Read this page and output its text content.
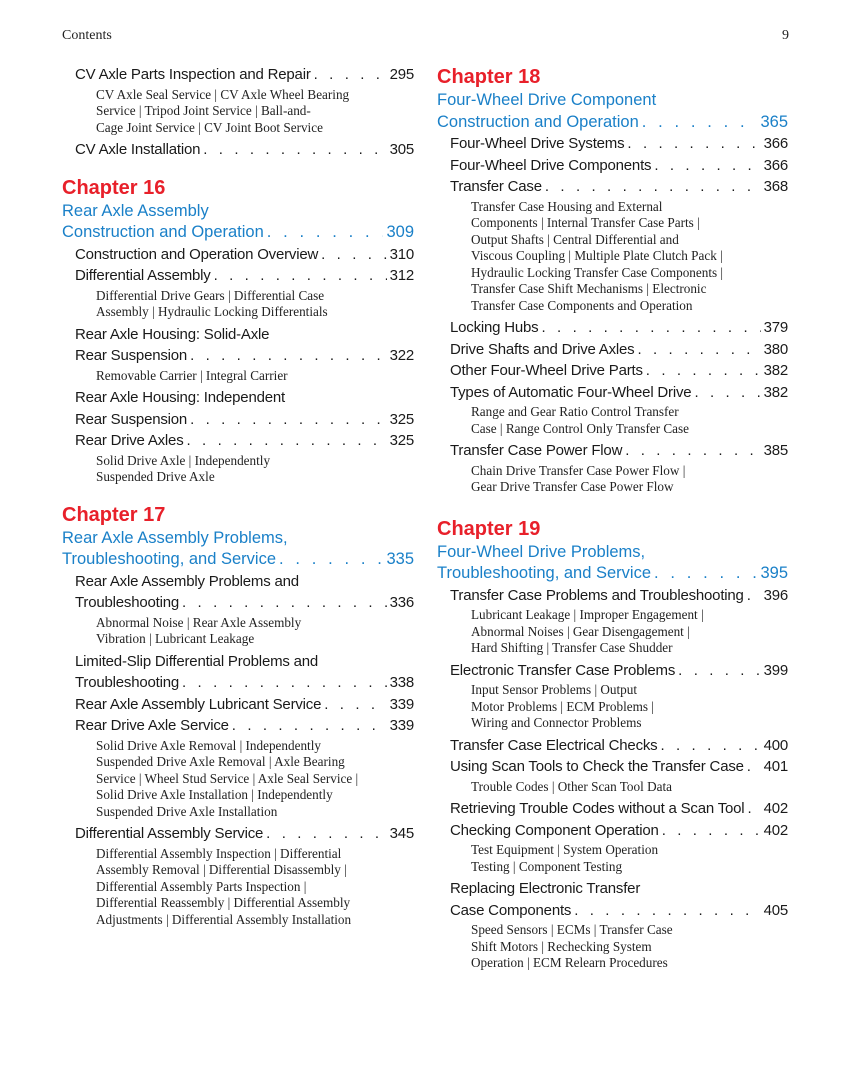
Contents	9
CV Axle Parts Inspection and Repair . . .	295
CV Axle Seal Service | CV Axle Wheel Bearing
Service | Tripod Joint Service | Ball-and-
Cage Joint Service | CV Joint Boot Service
CV Axle Installation . . .	305
Chapter 16
Rear Axle Assembly
Construction and Operation . . .	309
Construction and Operation Overview . . .	310
Differential Assembly . . .	312
Differential Drive Gears | Differential Case
Assembly | Hydraulic Locking Differentials
Rear Axle Housing: Solid-Axle
Rear Suspension . . .	322
Removable Carrier | Integral Carrier
Rear Axle Housing: Independent
Rear Suspension . . .	325
Rear Drive Axles . . .	325
Solid Drive Axle | Independently
Suspended Drive Axle
Chapter 17
Rear Axle Assembly Problems,
Troubleshooting, and Service . . .	335
Rear Axle Assembly Problems and
Troubleshooting . . .	336
Abnormal Noise | Rear Axle Assembly
Vibration | Lubricant Leakage
Limited-Slip Differential Problems and
Troubleshooting . . .	338
Rear Axle Assembly Lubricant Service . . .	339
Rear Drive Axle Service . . .	339
Solid Drive Axle Removal | Independently
Suspended Drive Axle Removal | Axle Bearing
Service | Wheel Stud Service | Axle Seal Service |
Solid Drive Axle Installation | Independently
Suspended Drive Axle Installation
Differential Assembly Service . . .	345
Differential Assembly Inspection | Differential
Assembly Removal | Differential Disassembly |
Differential Assembly Parts Inspection |
Differential Reassembly | Differential Assembly
Adjustments | Differential Assembly Installation
Chapter 18
Four-Wheel Drive Component
Construction and Operation . . .	365
Four-Wheel Drive Systems . . .	366
Four-Wheel Drive Components . . .	366
Transfer Case . . .	368
Transfer Case Housing and External
Components | Internal Transfer Case Parts |
Output Shafts | Central Differential and
Viscous Coupling | Multiple Plate Clutch Pack |
Hydraulic Locking Transfer Case Components |
Transfer Case Shift Mechanisms | Electronic
Transfer Case Components and Operation
Locking Hubs . . .	379
Drive Shafts and Drive Axles . . .	380
Other Four-Wheel Drive Parts . . .	382
Types of Automatic Four-Wheel Drive . . .	382
Range and Gear Ratio Control Transfer
Case | Range Control Only Transfer Case
Transfer Case Power Flow . . .	385
Chain Drive Transfer Case Power Flow |
Gear Drive Transfer Case Power Flow
Chapter 19
Four-Wheel Drive Problems,
Troubleshooting, and Service . . .	395
Transfer Case Problems and Troubleshooting . . . 396
Lubricant Leakage | Improper Engagement |
Abnormal Noises | Gear Disengagement |
Hard Shifting | Transfer Case Shudder
Electronic Transfer Case Problems . . .	399
Input Sensor Problems | Output
Motor Problems | ECM Problems |
Wiring and Connector Problems
Transfer Case Electrical Checks . . .	400
Using Scan Tools to Check the Transfer Case . . . 401
Trouble Codes | Other Scan Tool Data
Retrieving Trouble Codes without a Scan Tool . . . 402
Checking Component Operation . . .	402
Test Equipment | System Operation
Testing | Component Testing
Replacing Electronic Transfer
Case Components . . .	405
Speed Sensors | ECMs | Transfer Case
Shift Motors | Rechecking System
Operation | ECM Relearn Procedures
